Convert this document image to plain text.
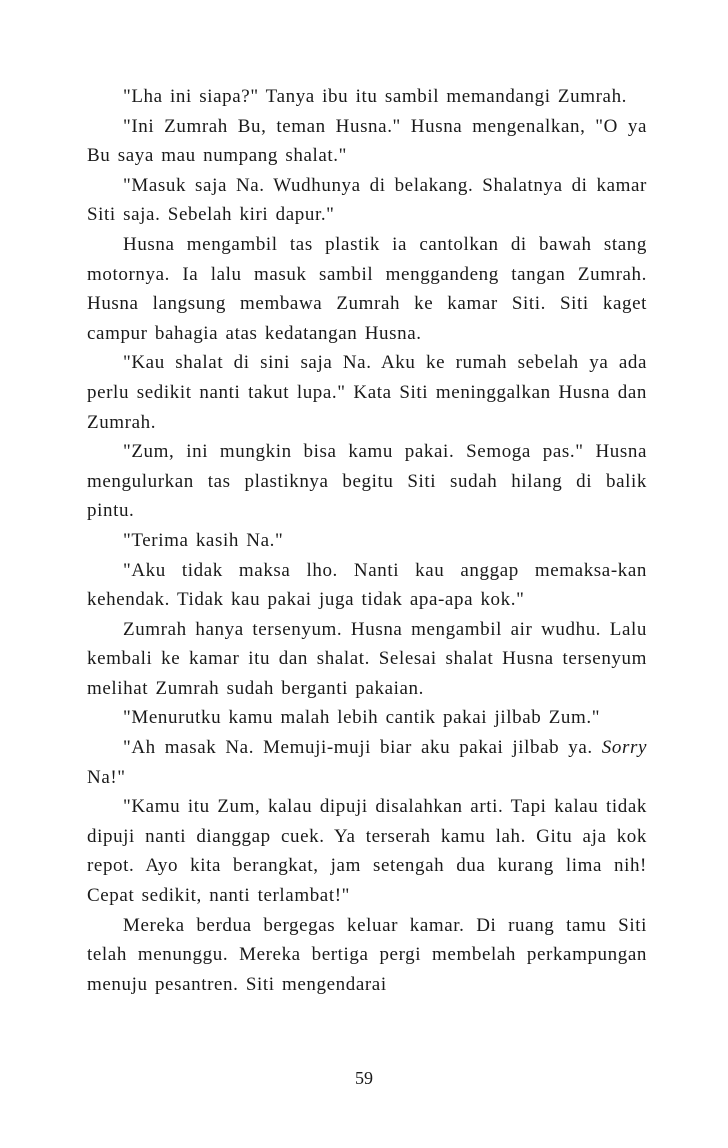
"Lha ini siapa?" Tanya ibu itu sambil memandangi Zumrah.

"Ini Zumrah Bu, teman Husna." Husna mengenalkan, "O ya Bu saya mau numpang shalat."

"Masuk saja Na. Wudhunya di belakang. Shalatnya di kamar Siti saja. Sebelah kiri dapur."

Husna mengambil tas plastik ia cantolkan di bawah stang motornya. Ia lalu masuk sambil menggandeng tangan Zumrah. Husna langsung membawa Zumrah ke kamar Siti. Siti kaget campur bahagia atas kedatangan Husna.

"Kau shalat di sini saja Na. Aku ke rumah sebelah ya ada perlu sedikit nanti takut lupa." Kata Siti meninggalkan Husna dan Zumrah.

"Zum, ini mungkin bisa kamu pakai. Semoga pas." Husna mengulurkan tas plastiknya begitu Siti sudah hilang di balik pintu.

"Terima kasih Na."

"Aku tidak maksa lho. Nanti kau anggap memaksa-kan kehendak. Tidak kau pakai juga tidak apa-apa kok."

Zumrah hanya tersenyum. Husna mengambil air wudhu. Lalu kembali ke kamar itu dan shalat. Selesai shalat Husna tersenyum melihat Zumrah sudah berganti pakaian.

"Menurutku kamu malah lebih cantik pakai jilbab Zum."

"Ah masak Na. Memuji-muji biar aku pakai jilbab ya. Sorry Na!"

"Kamu itu Zum, kalau dipuji disalahkan arti. Tapi kalau tidak dipuji nanti dianggap cuek. Ya terserah kamu lah. Gitu aja kok repot. Ayo kita berangkat, jam setengah dua kurang lima nih! Cepat sedikit, nanti terlambat!"

Mereka berdua bergegas keluar kamar. Di ruang tamu Siti telah menunggu. Mereka bertiga pergi membelah perkampungan menuju pesantren. Siti mengendarai

59
